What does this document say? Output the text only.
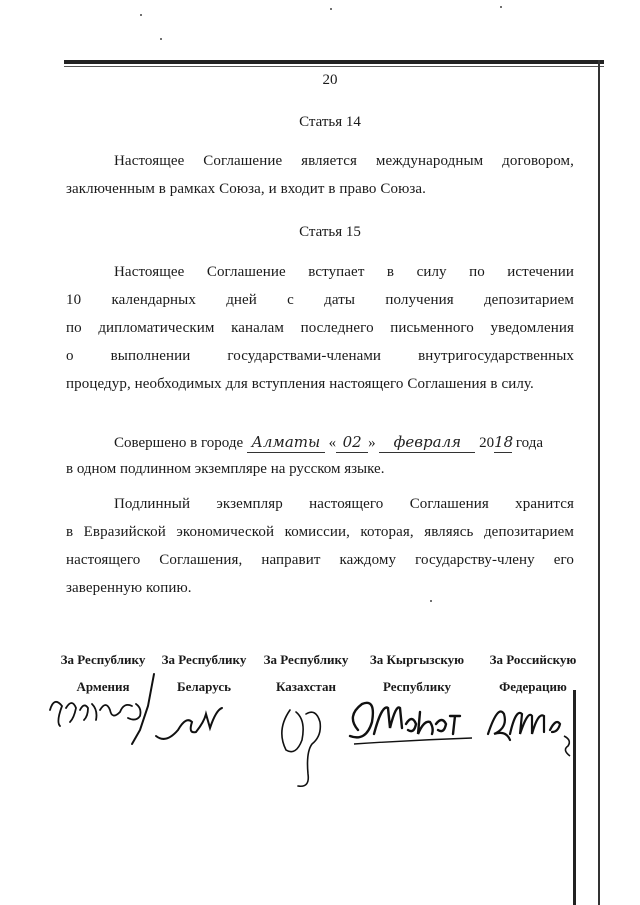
20
Статья 14
Настоящее Соглашение является международным договором,
заключенным в рамках Союза, и входит в право Союза.
Статья 15
Настоящее Соглашение вступает в силу по истечении
10 календарных дней с даты получения депозитарием
по дипломатическим каналам последнего письменного уведомления
о выполнении государствами-членами внутригосударственных
процедур, необходимых для вступления настоящего Соглашения в силу.
Совершено в городе Алматы « 02 » февраля 2018 года
в одном подлинном экземпляре на русском языке.
Подлинный экземпляр настоящего Соглашения хранится
в Евразийской экономической комиссии, которая, являясь депозитарием
настоящего Соглашения, направит каждому государству-члену его
заверенную копию.
За Республику
Армения
За Республику
Беларусь
За Республику
Казахстан
За Кыргызскую
Республику
За Российскую
Федерацию
